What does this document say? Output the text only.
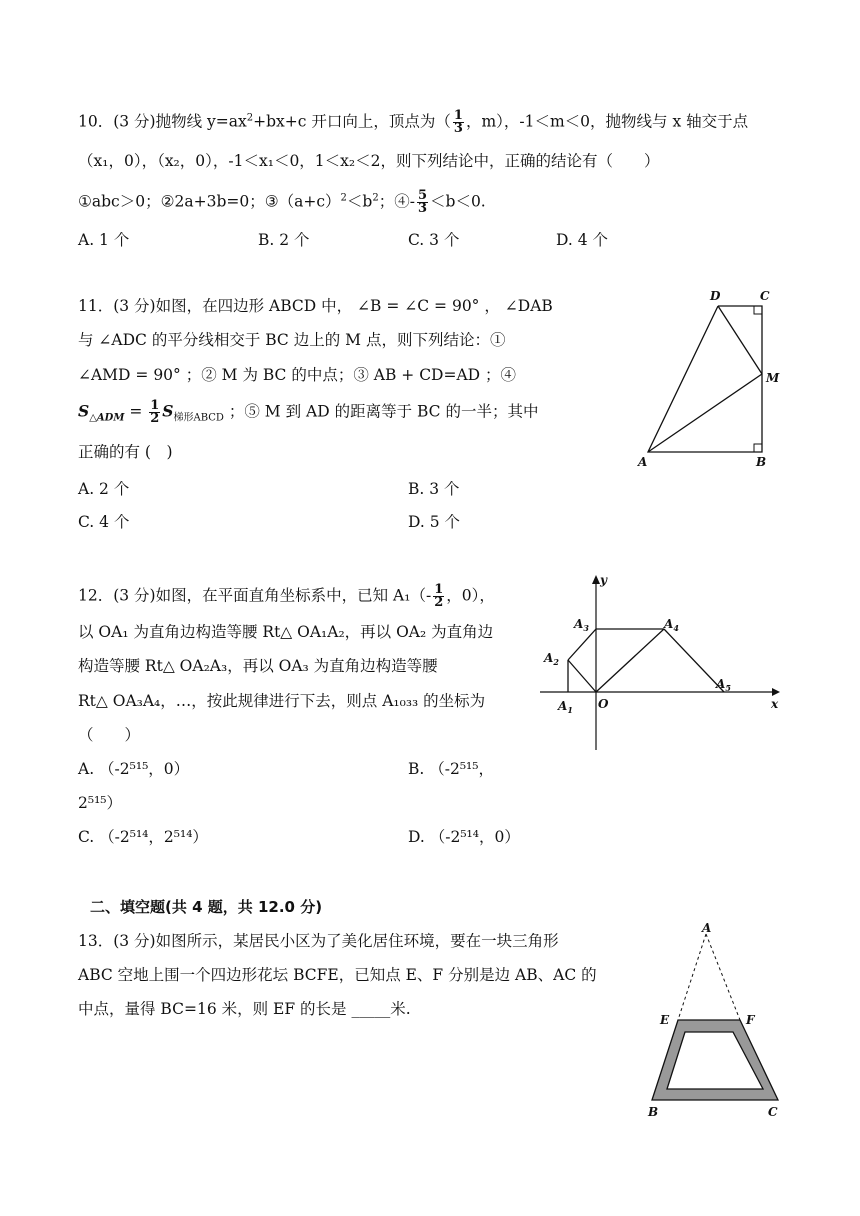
10．(3 分)抛物线 $y=ax^2+bx+c$ 开口向上，顶点为（ $\frac{1}{3}$ ，m），-1＜m＜0，抛物线与 x 轴交于点
（x₁，0），（x₂，0），-1＜x₁＜0，1＜x₂＜2，则下列结论中，正确的结论有（　　）
①abc＞0；②2a+3b=0；$③(a+c)^2<b^2$；④- $\frac{5}{3} <b<0$.
A. 1 个	B. 2 个	C. 3 个	D. 4 个
11．(3 分)如图，在四边形 ABCD 中， ∠B = ∠C = 90° ， ∠DAB
与 ∠ADC 的平分线相交于 BC 边上的 M 点，则下列结论：①
∠AMD = 90° ；② M 为 BC 的中点；③ AB + CD=AD ；④
$S_{\triangle ADM} = \frac{1}{2} S_{梯形ABCD}$ ；⑤ M 到 AD 的距离等于 BC 的一半；其中
正确的有 (　)
A. 2 个	B. 3 个
C. 4 个	D. 5 个
D	C
M
A	B
12．(3 分)如图，在平面直角坐标系中，已知 $A_1(- \frac{1}{2}$ ，0），
以 OA₁ 为直角边构造等腰 Rt△ OA₁A₂，再以 OA₂ 为直角边
构造等腰 Rt△ OA₂A₃，再以 OA₃ 为直角边构造等腰
Rt△ OA₃A₄，…，按此规律进行下去，则点 A₁₀₃₃ 的坐标为
（　　）
A. （-2⁵¹⁵，0）	B. （-2⁵¹⁵，
2⁵¹⁵）
C. （-2⁵¹⁴，2⁵¹⁴）	D. （-2⁵¹⁴，0）
y
x
O
$A_1$
$A_2$
$A_3$	$A_4$
$A_5$
二、填空题(共 4 题，共 12.0 分)
13．(3 分)如图所示，某居民小区为了美化居住环境，要在一块三角形
ABC 空地上围一个四边形花坛 BCFE，已知点 E、F 分别是边 AB、AC 的
中点，量得 BC=16 米，则 EF 的长是 _____米.
A
E	F
B	C
